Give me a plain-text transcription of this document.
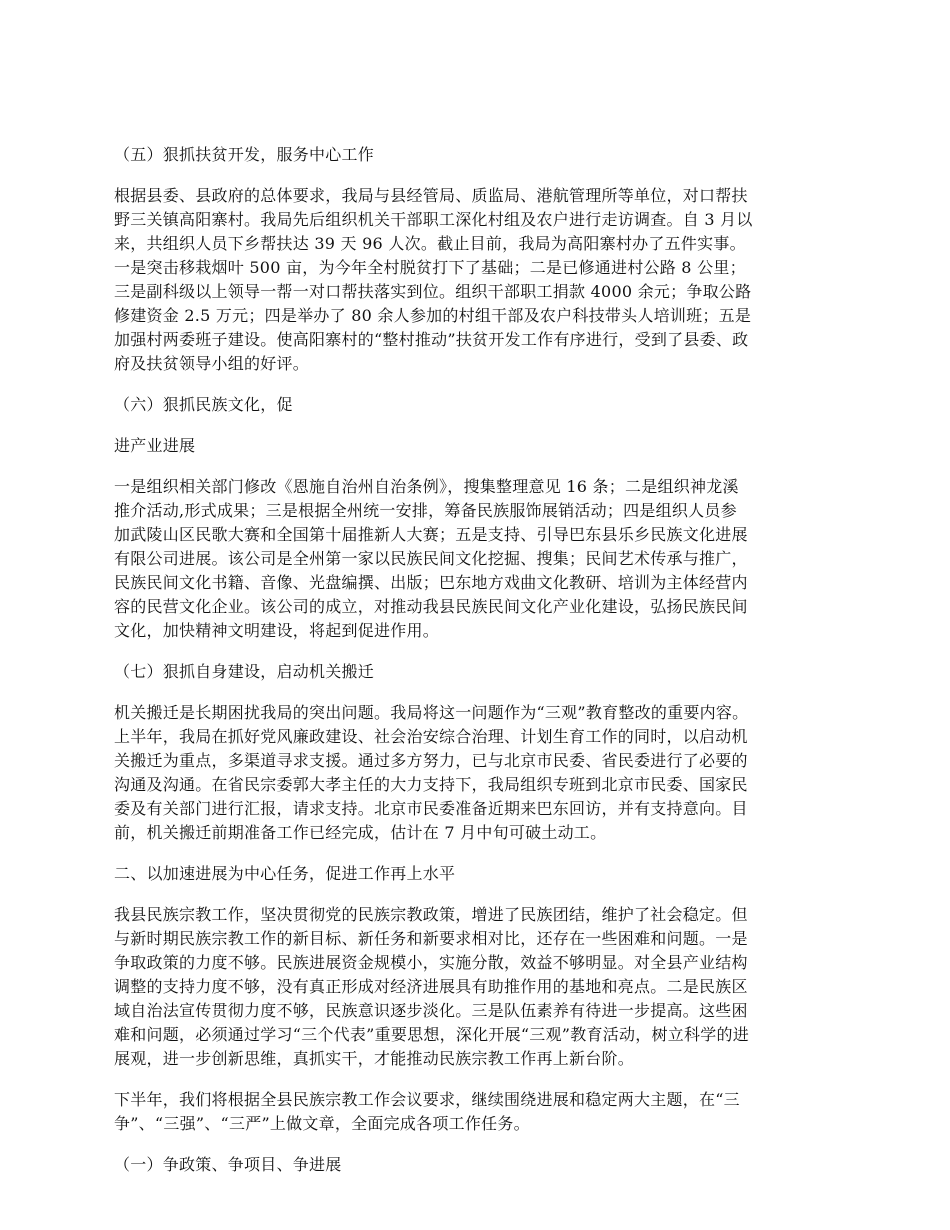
（五）狠抓扶贫开发，服务中心工作

根据县委、县政府的总体要求，我局与县经管局、质监局、港航管理所等单位，对口帮扶
野三关镇高阳寨村。我局先后组织机关干部职工深化村组及农户进行走访调查。自 3 月以
来，共组织人员下乡帮扶达 39 天 96 人次。截止目前，我局为高阳寨村办了五件实事。
一是突击移栽烟叶 500 亩，为今年全村脱贫打下了基础；二是已修通进村公路 8 公里；
三是副科级以上领导一帮一对口帮扶落实到位。组织干部职工捐款 4000 余元；争取公路
修建资金 2.5 万元；四是举办了 80 余人参加的村组干部及农户科技带头人培训班；五是
加强村两委班子建设。使高阳寨村的“整村推动”扶贫开发工作有序进行，受到了县委、政
府及扶贫领导小组的好评。

（六）狠抓民族文化，促

进产业进展

一是组织相关部门修改《恩施自治州自治条例》，搜集整理意见 16 条；二是组织神龙溪
推介活动,形式成果；三是根据全州统一安排，筹备民族服饰展销活动；四是组织人员参
加武陵山区民歌大赛和全国第十届推新人大赛；五是支持、引导巴东县乐乡民族文化进展
有限公司进展。该公司是全州第一家以民族民间文化挖掘、搜集；民间艺术传承与推广，
民族民间文化书籍、音像、光盘编撰、出版；巴东地方戏曲文化教研、培训为主体经营内
容的民营文化企业。该公司的成立，对推动我县民族民间文化产业化建设，弘扬民族民间
文化，加快精神文明建设，将起到促进作用。

（七）狠抓自身建设，启动机关搬迁

机关搬迁是长期困扰我局的突出问题。我局将这一问题作为“三观”教育整改的重要内容。
上半年，我局在抓好党风廉政建设、社会治安综合治理、计划生育工作的同时，以启动机
关搬迁为重点，多渠道寻求支援。通过多方努力，已与北京市民委、省民委进行了必要的
沟通及沟通。在省民宗委郭大孝主任的大力支持下，我局组织专班到北京市民委、国家民
委及有关部门进行汇报，请求支持。北京市民委准备近期来巴东回访，并有支持意向。目
前，机关搬迁前期准备工作已经完成，估计在 7 月中旬可破土动工。

二、以加速进展为中心任务，促进工作再上水平

我县民族宗教工作，坚决贯彻党的民族宗教政策，增进了民族团结，维护了社会稳定。但
与新时期民族宗教工作的新目标、新任务和新要求相对比，还存在一些困难和问题。一是
争取政策的力度不够。民族进展资金规模小，实施分散，效益不够明显。对全县产业结构
调整的支持力度不够，没有真正形成对经济进展具有助推作用的基地和亮点。二是民族区
域自治法宣传贯彻力度不够，民族意识逐步淡化。三是队伍素养有待进一步提高。这些困
难和问题，必须通过学习“三个代表”重要思想，深化开展“三观”教育活动，树立科学的进
展观，进一步创新思维，真抓实干，才能推动民族宗教工作再上新台阶。

下半年，我们将根据全县民族宗教工作会议要求，继续围绕进展和稳定两大主题，在“三
争”、“三强”、“三严”上做文章，全面完成各项工作任务。

（一）争政策、争项目、争进展
